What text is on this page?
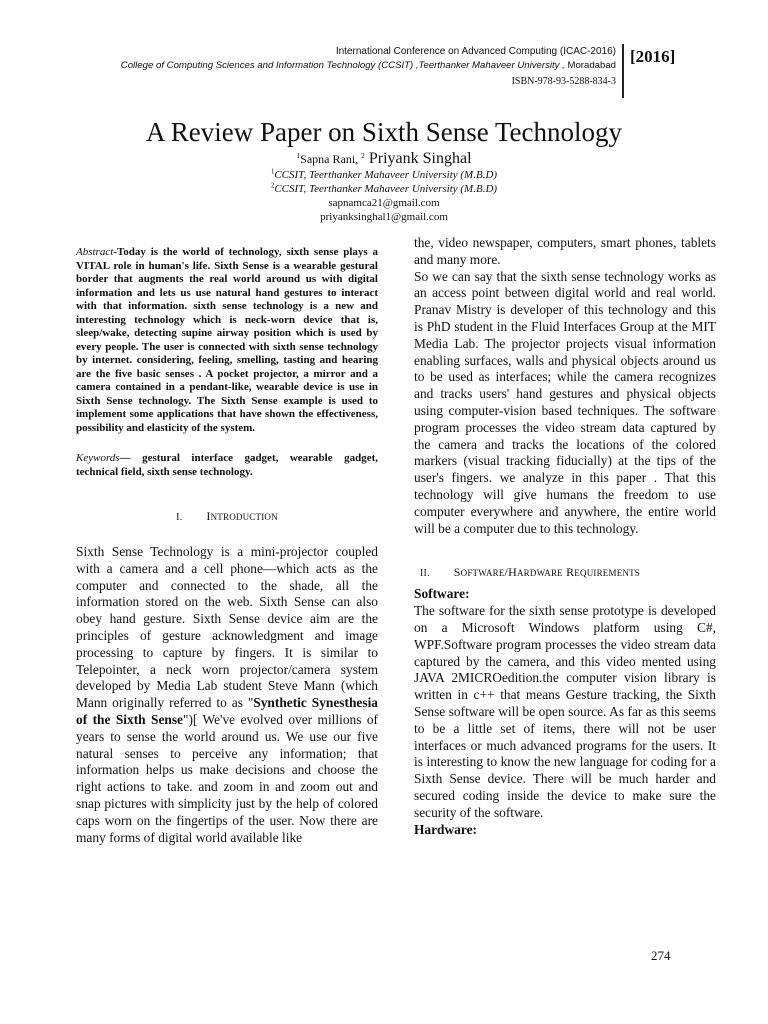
International Conference on Advanced Computing (ICAC-2016)
College of Computing Sciences and Information Technology (CCSIT) ,Teerthanker Mahaveer University , Moradabad
ISBN-978-93-5288-834-3
[2016]
A Review Paper on Sixth Sense Technology
$^1$Sapna Rani, $^2$ Priyank Singhal
$^1$CCSIT, Teerthanker Mahaveer University (M.B.D)
$^2$CCSIT, Teerthanker Mahaveer University (M.B.D)
sapnamca21@gmail.com
priyanksinghal1@gmail.com

Abstract-Today is the world of technology, sixth sense plays a VITAL role in human's life. Sixth Sense is a wearable gestural border that augments the real world around us with digital information and lets us use natural hand gestures to interact with that information. sixth sense technology is a new and interesting technology which is neck-worn device that is, sleep/wake, detecting supine airway position which is used by every people. The user is connected with sixth sense technology by internet. considering, feeling, smelling, tasting and hearing are the five basic senses . A pocket projector, a mirror and a camera contained in a pendant-like, wearable device is use in Sixth Sense technology. The Sixth Sense example is used to implement some applications that have shown the effectiveness, possibility and elasticity of the system.

Keywords— gestural interface gadget, wearable gadget, technical field, sixth sense technology.

I. INTRODUCTION

Sixth Sense Technology is a mini-projector coupled with a camera and a cell phone—which acts as the computer and connected to the shade, all the information stored on the web. Sixth Sense can also obey hand gesture. Sixth Sense device aim are the principles of gesture acknowledgment and image processing to capture by fingers. It is similar to Telepointer, a neck worn projector/camera system developed by Media Lab student Steve Mann (which Mann originally referred to as "Synthetic Synesthesia of the Sixth Sense")[ We've evolved over millions of years to sense the world around us. We use our five natural senses to perceive any information; that information helps us make decisions and choose the right actions to take. and zoom in and zoom out and snap pictures with simplicity just by the help of colored caps worn on the fingertips of the user. Now there are many forms of digital world available like

the, video newspaper, computers, smart phones, tablets and many more.

So we can say that the sixth sense technology works as an access point between digital world and real world. Pranav Mistry is developer of this technology and this is PhD student in the Fluid Interfaces Group at the MIT Media Lab. The projector projects visual information enabling surfaces, walls and physical objects around us to be used as interfaces; while the camera recognizes and tracks users' hand gestures and physical objects using computer-vision based techniques. The software program processes the video stream data captured by the camera and tracks the locations of the colored markers (visual tracking fiducially) at the tips of the user's fingers. we analyze in this paper . That this technology will give humans the freedom to use computer everywhere and anywhere, the entire world will be a computer due to this technology.

II. SOFTWARE/HARDWARE REQUIREMENTS

Software:

The software for the sixth sense prototype is developed on a Microsoft Windows platform using C#, WPF.Software program processes the video stream data captured by the camera, and this video mented using JAVA 2MICROedition.the computer vision library is written in c++ that means Gesture tracking, the Sixth Sense software will be open source. As far as this seems to be a little set of items, there will not be user interfaces or much advanced programs for the users. It is interesting to know the new language for coding for a Sixth Sense device. There will be much harder and secured coding inside the device to make sure the security of the software.

Hardware:

274
